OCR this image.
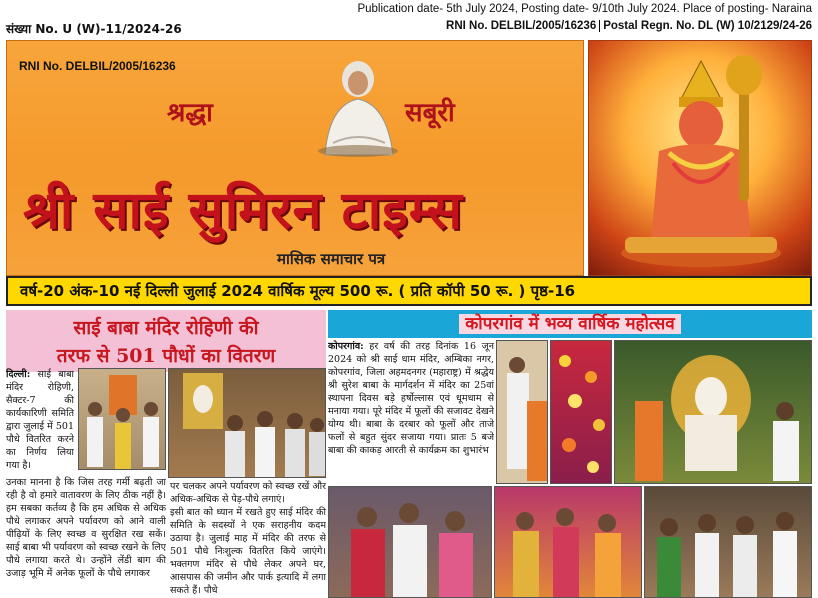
संख्या No. U (W)-11/2024-26
Publication date- 5th July 2024, Posting date- 9/10th July 2024. Place of posting- Naraina
RNI No. DELBIL/2005/16236 Postal Regn. No. DL (W) 10/2129/24-26
RNI No. DELBIL/2005/16236
श्रद्धा	सबूरी
श्री साई सुमिरन टाइम्स
मासिक समाचार पत्र
वर्ष-20 अंक-10 नई दिल्ली जुलाई 2024 वार्षिक मूल्य 500 रू. ( प्रति कॉपी 50 रू. ) पृष्ठ-16
साई बाबा मंदिर रोहिणी की
तरफ से 501 पौधों का वितरण
दिल्ली: साई बाबा मंदिर रोहिणी, सैक्टर-7 की कार्यकारिणी समिति द्वारा जुलाई में 501 पौधे वितरित करने का निर्णय लिया गया है।
उनका मानना है कि जिस तरह गर्मी बढ़ती जा रही है वो हमारे वातावरण के लिए ठीक नहीं है। हम सबका कर्तव्य है कि हम अधिक से अधिक पौधे लगाकर अपने पर्यावरण को आने वाली पीढ़ियों के लिए स्वच्छ व सुरक्षित रख सकें। साई बाबा भी पर्यावरण को स्वच्छ रखने के लिए पौधे लगाया करते थे। उन्होंने लेंडी बाग की उजाड़ भूमि में अनेक फूलों के पौधे लगाकर
पर चलकर अपने पर्यावरण को स्वच्छ रखें और अधिक-अधिक से पेड़-पौधे लगाएं।
इसी बात को ध्यान में रखते हुए साई मंदिर की समिति के सदस्यों ने एक सराहनीय कदम उठाया है। जुलाई माह में मंदिर की तरफ से 501 पौधे निःशुल्क वितरित किये जाएंगे। भक्तगण मंदिर से पौधे लेकर अपने घर, आसपास की जमीन और पार्क इत्यादि में लगा सकते हैं। पौधे
कोपरगांव में भव्य वार्षिक महोत्सव
कोपरगांव: हर वर्ष की तरह दिनांक 16 जून 2024 को श्री साई धाम मंदिर, अम्बिका नगर, कोपरगांव, जिला अहमदनगर (महाराष्ट्र) में श्रद्धेय श्री सुरेश बाबा के मार्गदर्शन में मंदिर का 25वां स्थापना दिवस बड़े हर्षोल्लास एवं धूमधाम से मनाया गया। पूरे मंदिर में फूलों की सजावट देखने योग्य थी। बाबा के दरबार को फूलों और ताजे फलों से बहुत सुंदर सजाया गया। प्रातः 5 बजे बाबा की काकड़ आरती से कार्यक्रम का शुभारंभ
